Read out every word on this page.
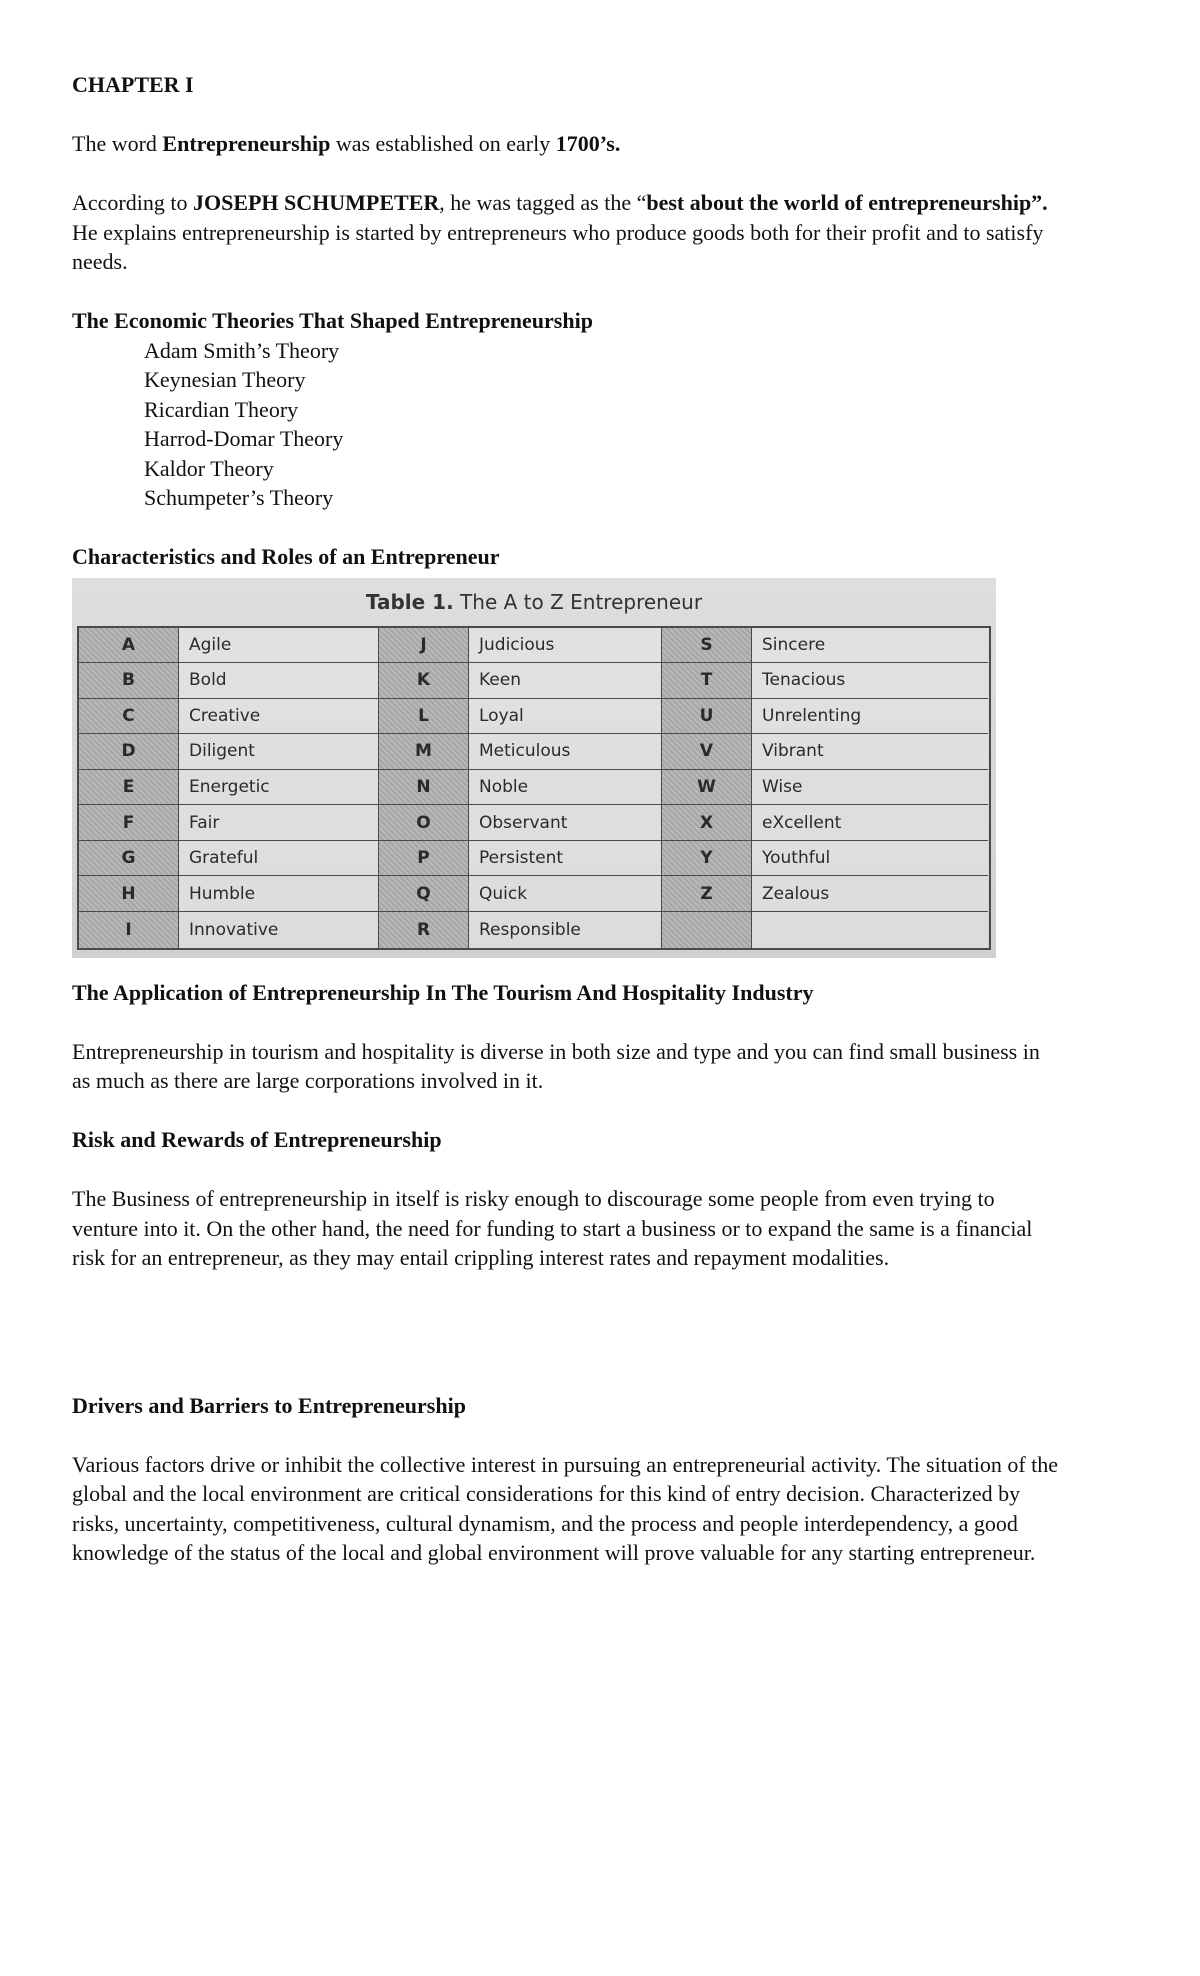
CHAPTER I

The word Entrepreneurship was established on early 1700’s.

According to JOSEPH SCHUMPETER, he was tagged as the “best about the world of entrepreneurship”.

He explains entrepreneurship is started by entrepreneurs who produce goods both for their profit and to satisfy

needs.

The Economic Theories That Shaped Entrepreneurship

Adam Smith’s Theory

Keynesian Theory

Ricardian Theory

Harrod-Domar Theory

Kaldor Theory

Schumpeter’s Theory

Characteristics and Roles of an Entrepreneur

Table 1. The A to Z Entrepreneur
A	Agile	J	Judicious	S	Sincere
B	Bold	K	Keen	T	Tenacious
C	Creative	L	Loyal	U	Unrelenting
D	Diligent	M	Meticulous	V	Vibrant
E	Energetic	N	Noble	W	Wise
F	Fair	O	Observant	X	eXcellent
G	Grateful	P	Persistent	Y	Youthful
H	Humble	Q	Quick	Z	Zealous
I	Innovative	R	Responsible

The Application of Entrepreneurship In The Tourism And Hospitality Industry

Entrepreneurship in tourism and hospitality is diverse in both size and type and you can find small business in

as much as there are large corporations involved in it.

Risk and Rewards of Entrepreneurship

The Business of entrepreneurship in itself is risky enough to discourage some people from even trying to

venture into it. On the other hand, the need for funding to start a business or to expand the same is a financial

risk for an entrepreneur, as they may entail crippling interest rates and repayment modalities.

Drivers and Barriers to Entrepreneurship

Various factors drive or inhibit the collective interest in pursuing an entrepreneurial activity. The situation of the

global and the local environment are critical considerations for this kind of entry decision. Characterized by

risks, uncertainty, competitiveness, cultural dynamism, and the process and people interdependency, a good

knowledge of the status of the local and global environment will prove valuable for any starting entrepreneur.
